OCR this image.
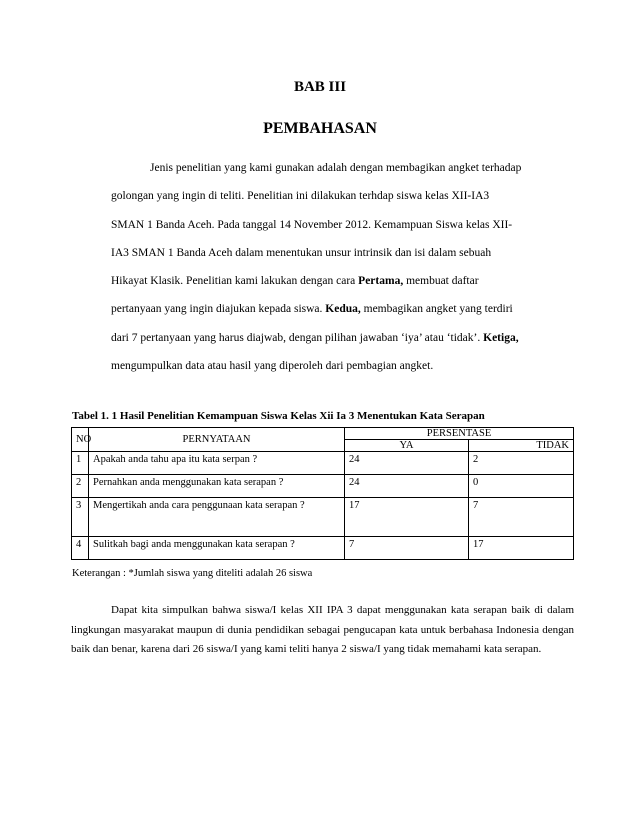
BAB III
PEMBAHASAN

Jenis penelitian yang kami gunakan adalah dengan membagikan angket terhadap
golongan yang ingin di teliti. Penelitian ini dilakukan terhdap siswa kelas XII-IA3
SMAN 1 Banda Aceh. Pada tanggal 14 November 2012. Kemampuan Siswa kelas XII-
IA3 SMAN 1 Banda Aceh dalam menentukan unsur intrinsik dan isi dalam sebuah
Hikayat Klasik. Penelitian kami lakukan dengan cara Pertama, membuat daftar
pertanyaan yang ingin diajukan kepada siswa. Kedua, membagikan angket yang terdiri
dari 7 pertanyaan yang harus diajwab, dengan pilihan jawaban ‘iya’ atau ‘tidak’. Ketiga,
mengumpulkan data atau hasil yang diperoleh dari pembagian angket.

Tabel 1. 1 Hasil Penelitian Kemampuan Siswa Kelas Xii Ia 3 Menentukan Kata Serapan

NO	PERNYATAAN	PERSENTASE	
		YA	TIDAK
1	Apakah anda tahu apa itu kata serpan ?	24	2
2	Pernahkan anda menggunakan kata serapan ?	24	0
3	Mengertikah anda cara penggunaan kata serapan ?	17	7
4	Sulitkah bagi anda menggunakan kata serapan ?	7	17

Keterangan : *Jumlah siswa yang diteliti adalah 26 siswa

Dapat kita simpulkan bahwa siswa/I kelas XII IPA 3 dapat menggunakan kata serapan baik di dalam lingkungan masyarakat maupun di dunia pendidikan sebagai pengucapan kata untuk berbahasa Indonesia dengan baik dan benar, karena dari 26 siswa/I yang kami teliti hanya 2 siswa/I yang tidak memahami kata serapan.
